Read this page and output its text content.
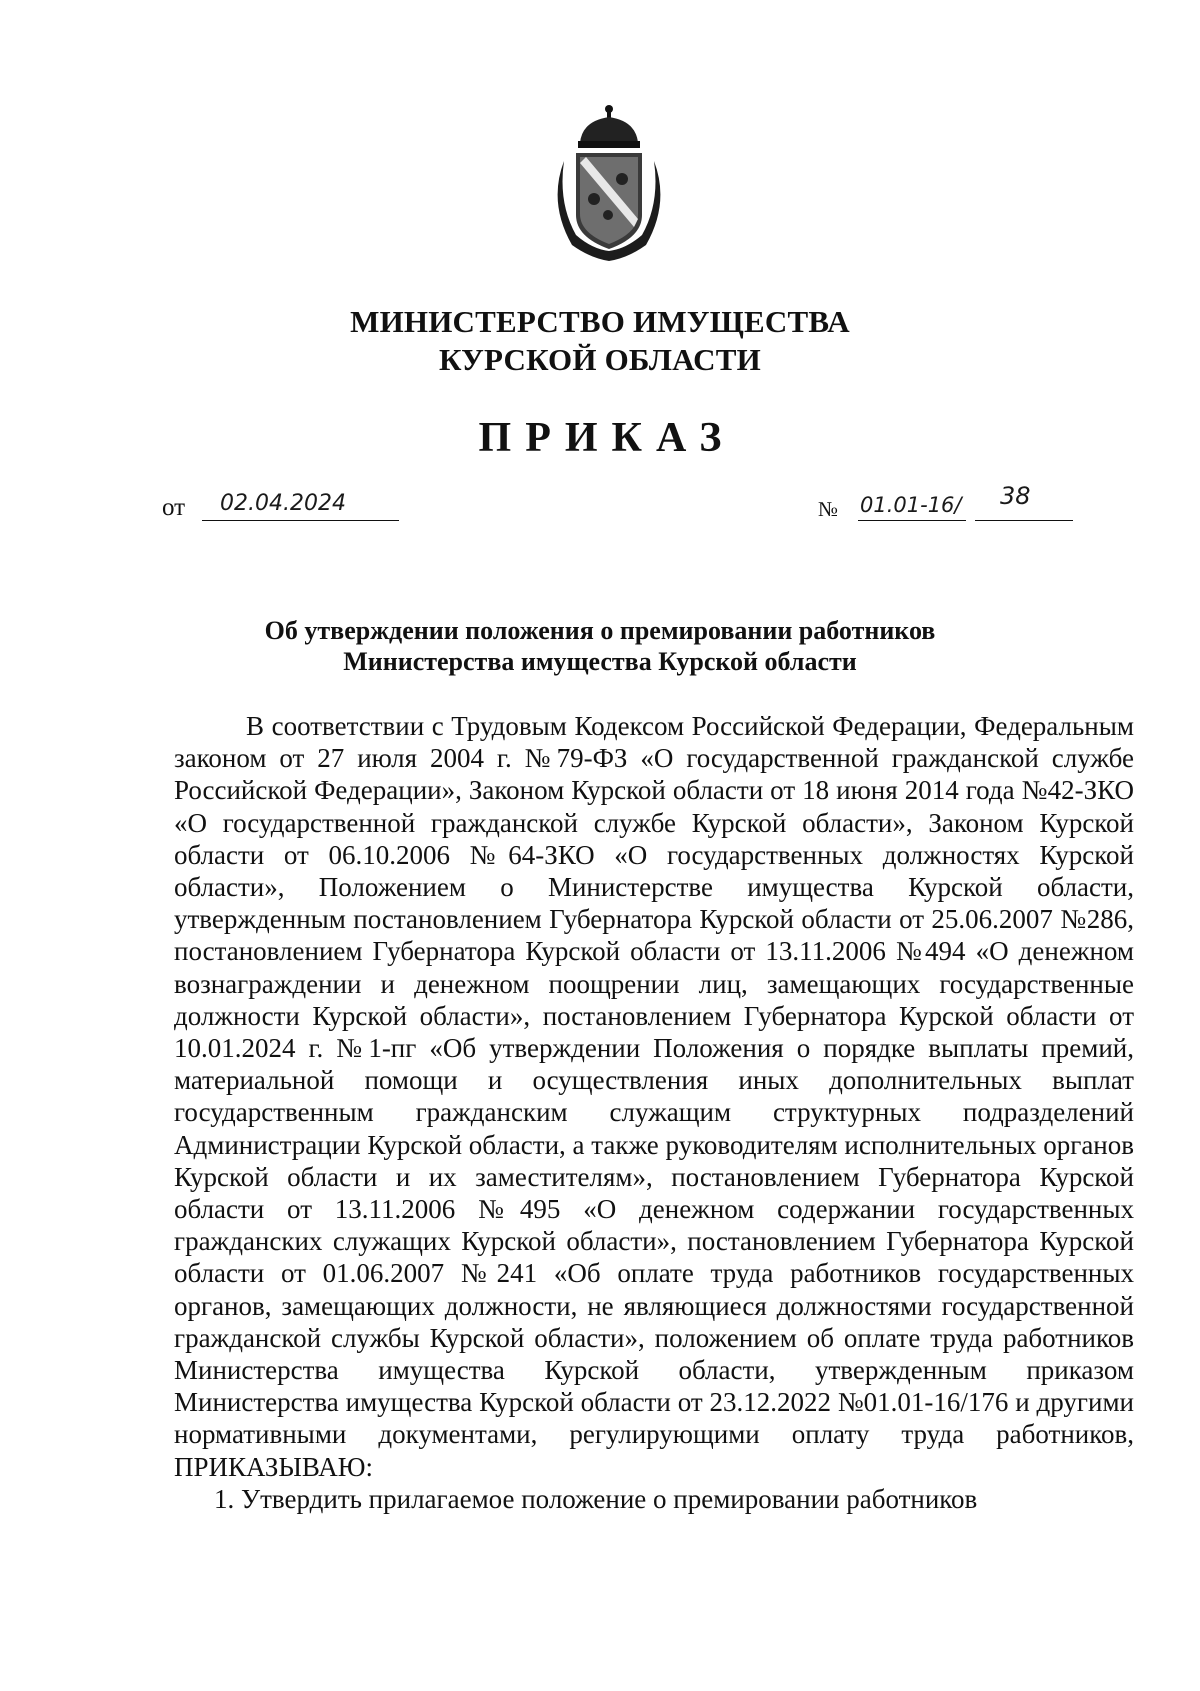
МИНИСТЕРСТВО ИМУЩЕСТВА
КУРСКОЙ ОБЛАСТИ
ПРИКАЗ
от 02.04.2024	№ 01.01-16/ 38
Об утверждении положения о премировании работников
Министерства имущества Курской области

В соответствии с Трудовым Кодексом Российской Федерации, Федеральным законом от 27 июля 2004 г. №79-ФЗ «О государственной гражданской службе Российской Федерации», Законом Курской области от 18 июня 2014 года №42-ЗКО «О государственной гражданской службе Курской области», Законом Курской области от 06.10.2006 №64-ЗКО «О государственных должностях Курской области», Положением о Министерстве имущества Курской области, утвержденным постановлением Губернатора Курской области от 25.06.2007 №286, постановлением Губернатора Курской области от 13.11.2006 №494 «О денежном вознаграждении и денежном поощрении лиц, замещающих государственные должности Курской области», постановлением Губернатора Курской области от 10.01.2024 г. №1-пг «Об утверждении Положения о порядке выплаты премий, материальной помощи и осуществления иных дополнительных выплат государственным гражданским служащим структурных подразделений Администрации Курской области, а также руководителям исполнительных органов Курской области и их заместителям», постановлением Губернатора Курской области от 13.11.2006 №495 «О денежном содержании государственных гражданских служащих Курской области», постановлением Губернатора Курской области от 01.06.2007 №241 «Об оплате труда работников государственных органов, замещающих должности, не являющиеся должностями государственной гражданской службы Курской области», положением об оплате труда работников Министерства имущества Курской области, утвержденным приказом Министерства имущества Курской области от 23.12.2022 №01.01-16/176 и другими нормативными документами, регулирующими оплату труда работников, ПРИКАЗЫВАЮ:

1. Утвердить прилагаемое положение о премировании работников
